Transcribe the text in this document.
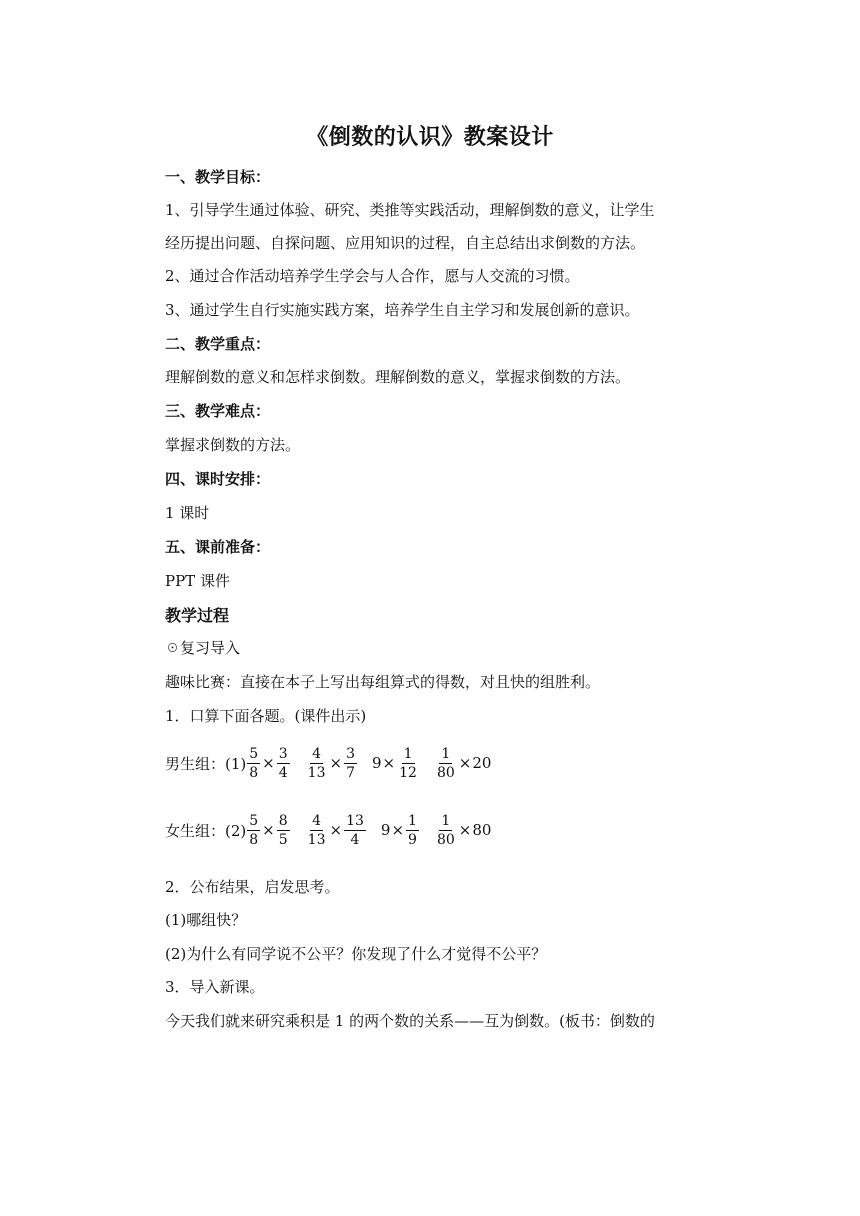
《倒数的认识》教案设计
一、教学目标：
1、引导学生通过体验、研究、类推等实践活动，理解倒数的意义，让学生
经历提出问题、自探问题、应用知识的过程，自主总结出求倒数的方法。
2、通过合作活动培养学生学会与人合作，愿与人交流的习惯。
3、通过学生自行实施实践方案，培养学生自主学习和发展创新的意识。
二、教学重点：
理解倒数的意义和怎样求倒数。理解倒数的意义，掌握求倒数的方法。
三、教学难点：
掌握求倒数的方法。
四、课时安排：
1 课时
五、课前准备：
PPT 课件
教学过程
☉复习导入
趣味比赛：直接在本子上写出每组算式的得数，对且快的组胜利。
1．口算下面各题。(课件出示)
男生组：$(1) \frac{5}{8} \times \frac{3}{4} \frac{4}{13} \times \frac{3}{7} 9 \times \frac{1}{12} \frac{1}{80} \times 20$
女生组：$(2) \frac{5}{8} \times \frac{8}{5} \frac{4}{13} \times \frac{13}{4} 9 \times \frac{1}{9} \frac{1}{80} \times 80$
2．公布结果，启发思考。
(1)哪组快？
(2)为什么有同学说不公平？你发现了什么才觉得不公平？
3．导入新课。
今天我们就来研究乘积是 1 的两个数的关系——互为倒数。(板书：倒数的
